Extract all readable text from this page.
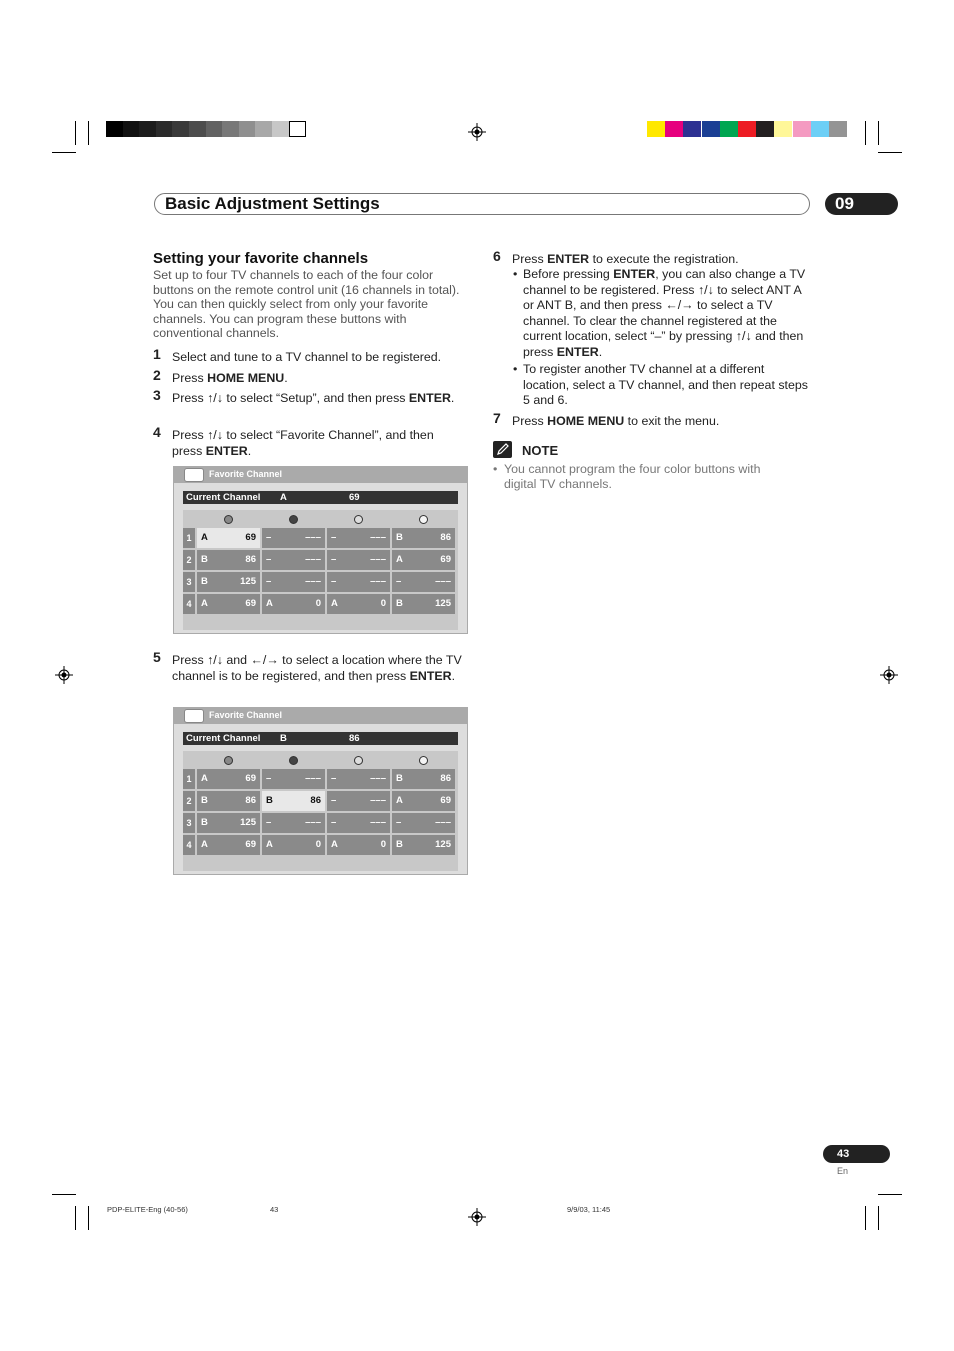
Basic Adjustment Settings	09
Setting your favorite channels
Set up to four TV channels to each of the four color buttons on the remote control unit (16 channels in total). You can then quickly select from only your favorite channels. You can program these buttons with conventional channels.
1 Select and tune to a TV channel to be registered.
2 Press HOME MENU.
3 Press ↑/↓ to select “Setup”, and then press ENTER.
4 Press ↑/↓ to select “Favorite Channel”, and then press ENTER.
Favorite Channel
Current Channel A	69
1	A	69 –	––– –	––– B	86
2	B	86 –	––– –	––– A	69
3	B	125 –	––– –	––– –	–––
4	A	69 A	0 A	0 B	125
5 Press ↑/↓ and ←/→ to select a location where the TV channel is to be registered, and then press ENTER.
Favorite Channel
Current Channel B	86
1	A	69 –	––– –	––– B	86
2	B	86 B	86 –	––– A	69
3	B	125 –	––– –	––– –	–––
4	A	69 A	0 A	0 B	125
6 Press ENTER to execute the registration.
• Before pressing ENTER, you can also change a TV channel to be registered. Press ↑/↓ to select ANT A or ANT B, and then press ←/→ to select a TV channel. To clear the channel registered at the current location, select “–” by pressing ↑/↓ and then press ENTER.
• To register another TV channel at a different location, select a TV channel, and then repeat steps 5 and 6.
7 Press HOME MENU to exit the menu.
NOTE
• You cannot program the four color buttons with digital TV channels.
43
En
PDP-ELITE-Eng (40-56)	43	9/9/03, 11:45
